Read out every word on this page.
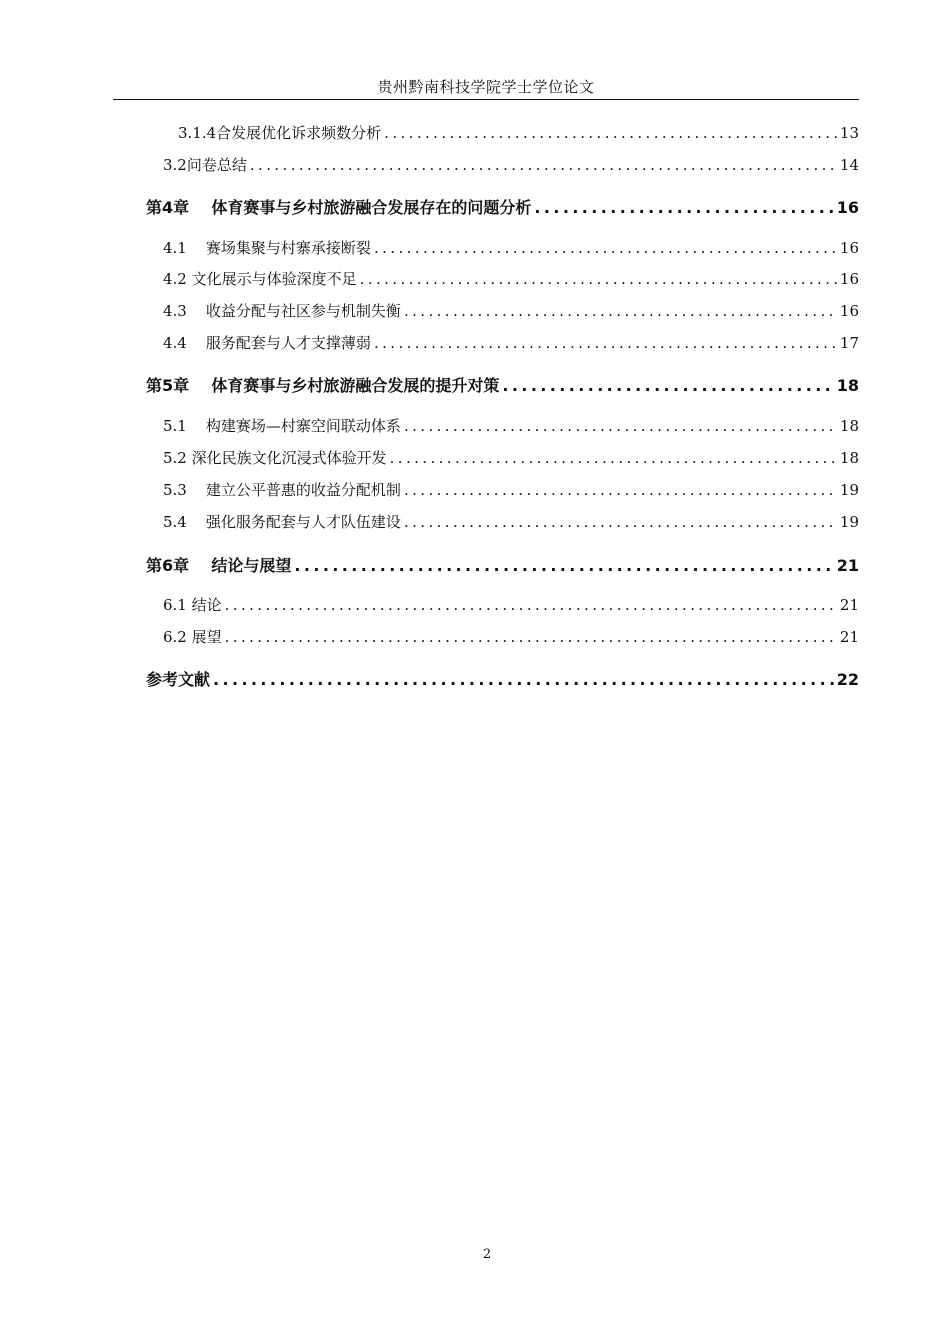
贵州黔南科技学院学士学位论文
3.1.4合发展优化诉求频数分析 .....	13
3.2问卷总结 .....	14
第4章    体育赛事与乡村旅游融合发展存在的问题分析 .....	16
4.1    赛场集聚与村寨承接断裂 .....	16
4.2 文化展示与体验深度不足 .....	16
4.3    收益分配与社区参与机制失衡 .....	16
4.4    服务配套与人才支撑薄弱 .....	17
第5章    体育赛事与乡村旅游融合发展的提升对策 .....	18
5.1    构建赛场—村寨空间联动体系 .....	18
5.2 深化民族文化沉浸式体验开发 .....	18
5.3    建立公平普惠的收益分配机制 .....	19
5.4    强化服务配套与人才队伍建设 .....	19
第6章    结论与展望 .....	21
6.1 结论 .....	21
6.2 展望 .....	21
参考文献 .....	22
2
